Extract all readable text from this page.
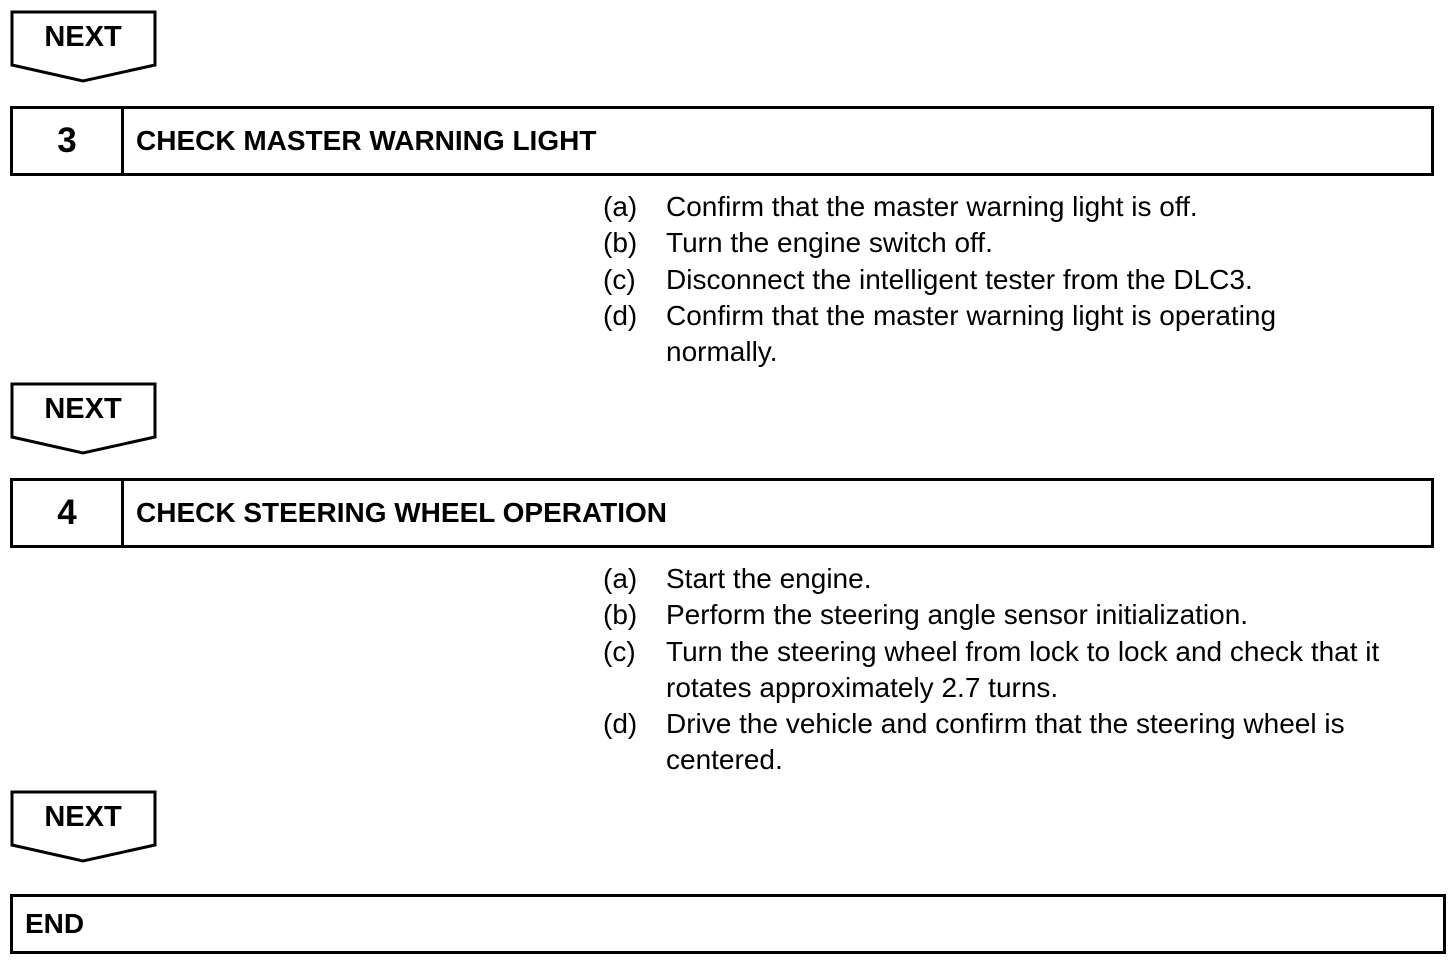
NEXT
3	CHECK MASTER WARNING LIGHT
(a)	Confirm that the master warning light is off.
(b)	Turn the engine switch off.
(c)	Disconnect the intelligent tester from the DLC3.
(d)	Confirm that the master warning light is operating normally.
NEXT
4	CHECK STEERING WHEEL OPERATION
(a)	Start the engine.
(b)	Perform the steering angle sensor initialization.
(c)	Turn the steering wheel from lock to lock and check that it rotates approximately 2.7 turns.
(d)	Drive the vehicle and confirm that the steering wheel is centered.
NEXT
END
